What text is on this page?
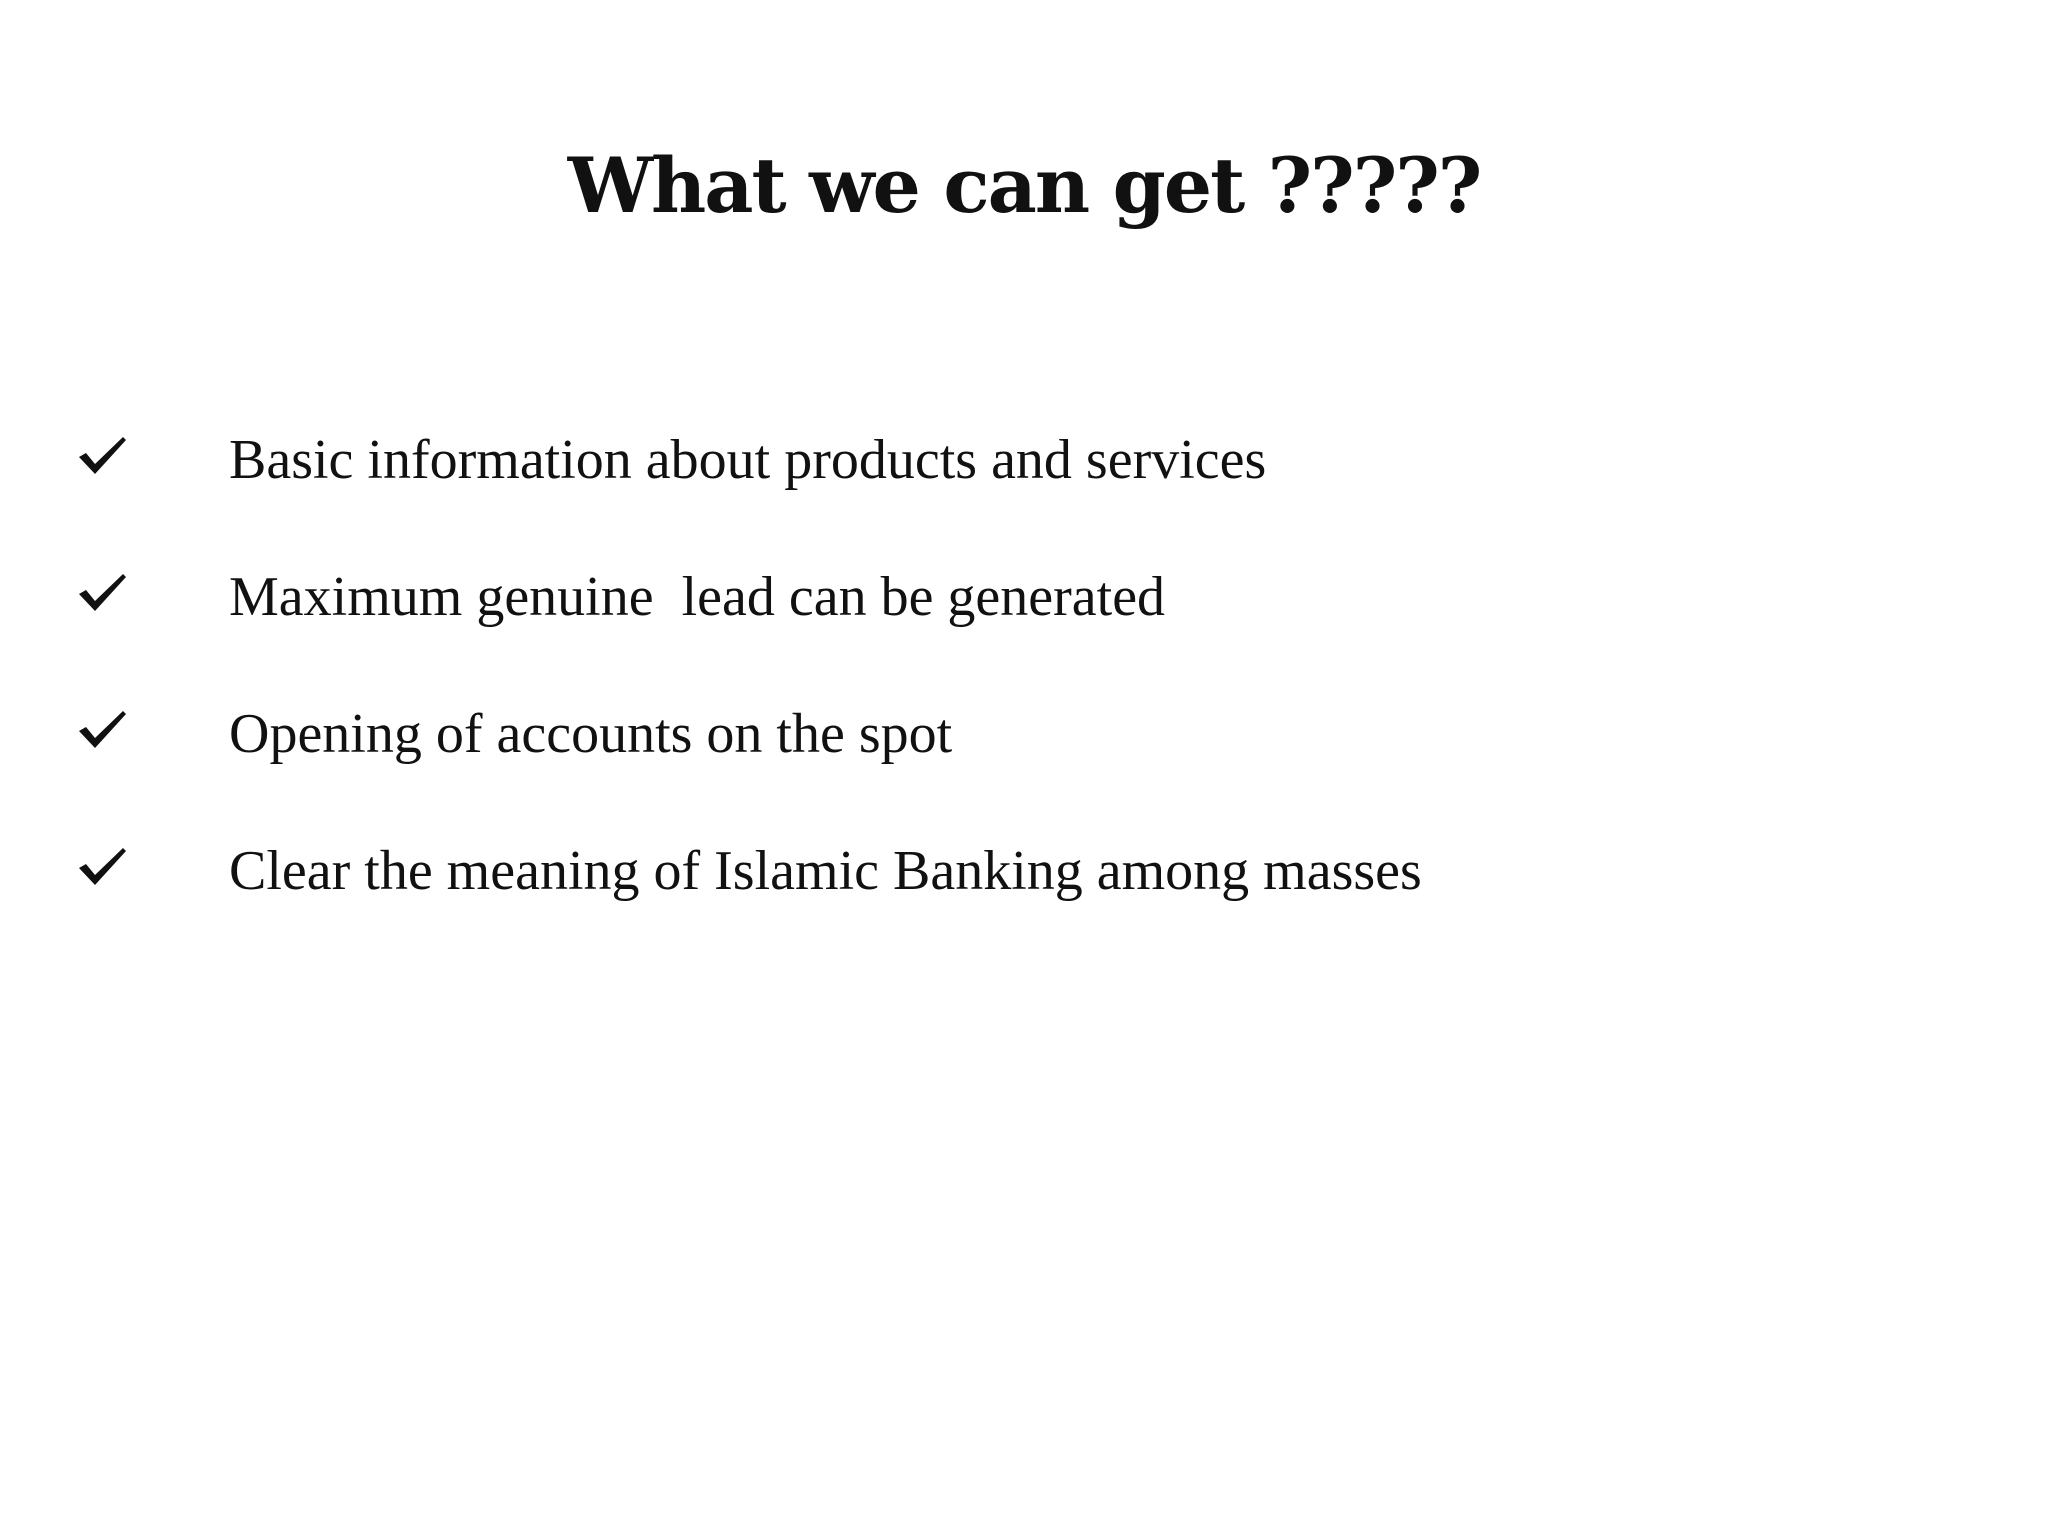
What we can get ?????
Basic information about products and services
Maximum genuine  lead can be generated
Opening of accounts on the spot
Clear the meaning of Islamic Banking among masses
